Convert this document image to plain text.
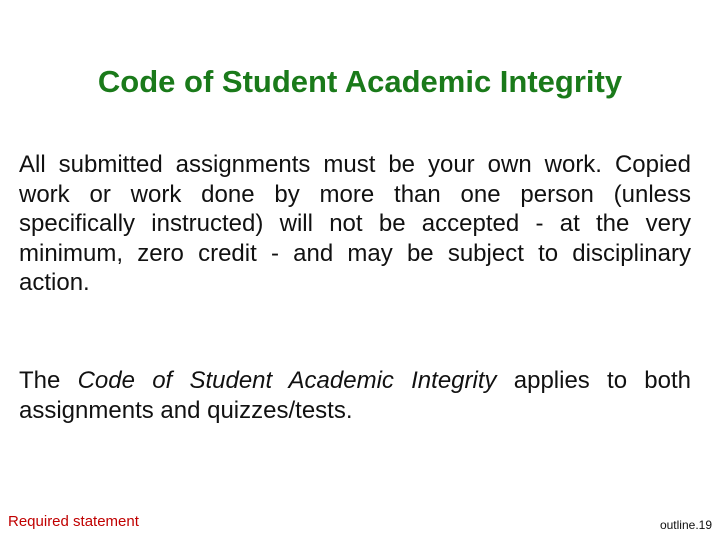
Code of Student Academic Integrity

All submitted assignments must be your own work. Copied work or work done by more than one person (unless specifically instructed) will not be accepted - at the very minimum, zero credit - and may be subject to disciplinary action.

The Code of Student Academic Integrity applies to both assignments and quizzes/tests.

Required statement	outline.19
